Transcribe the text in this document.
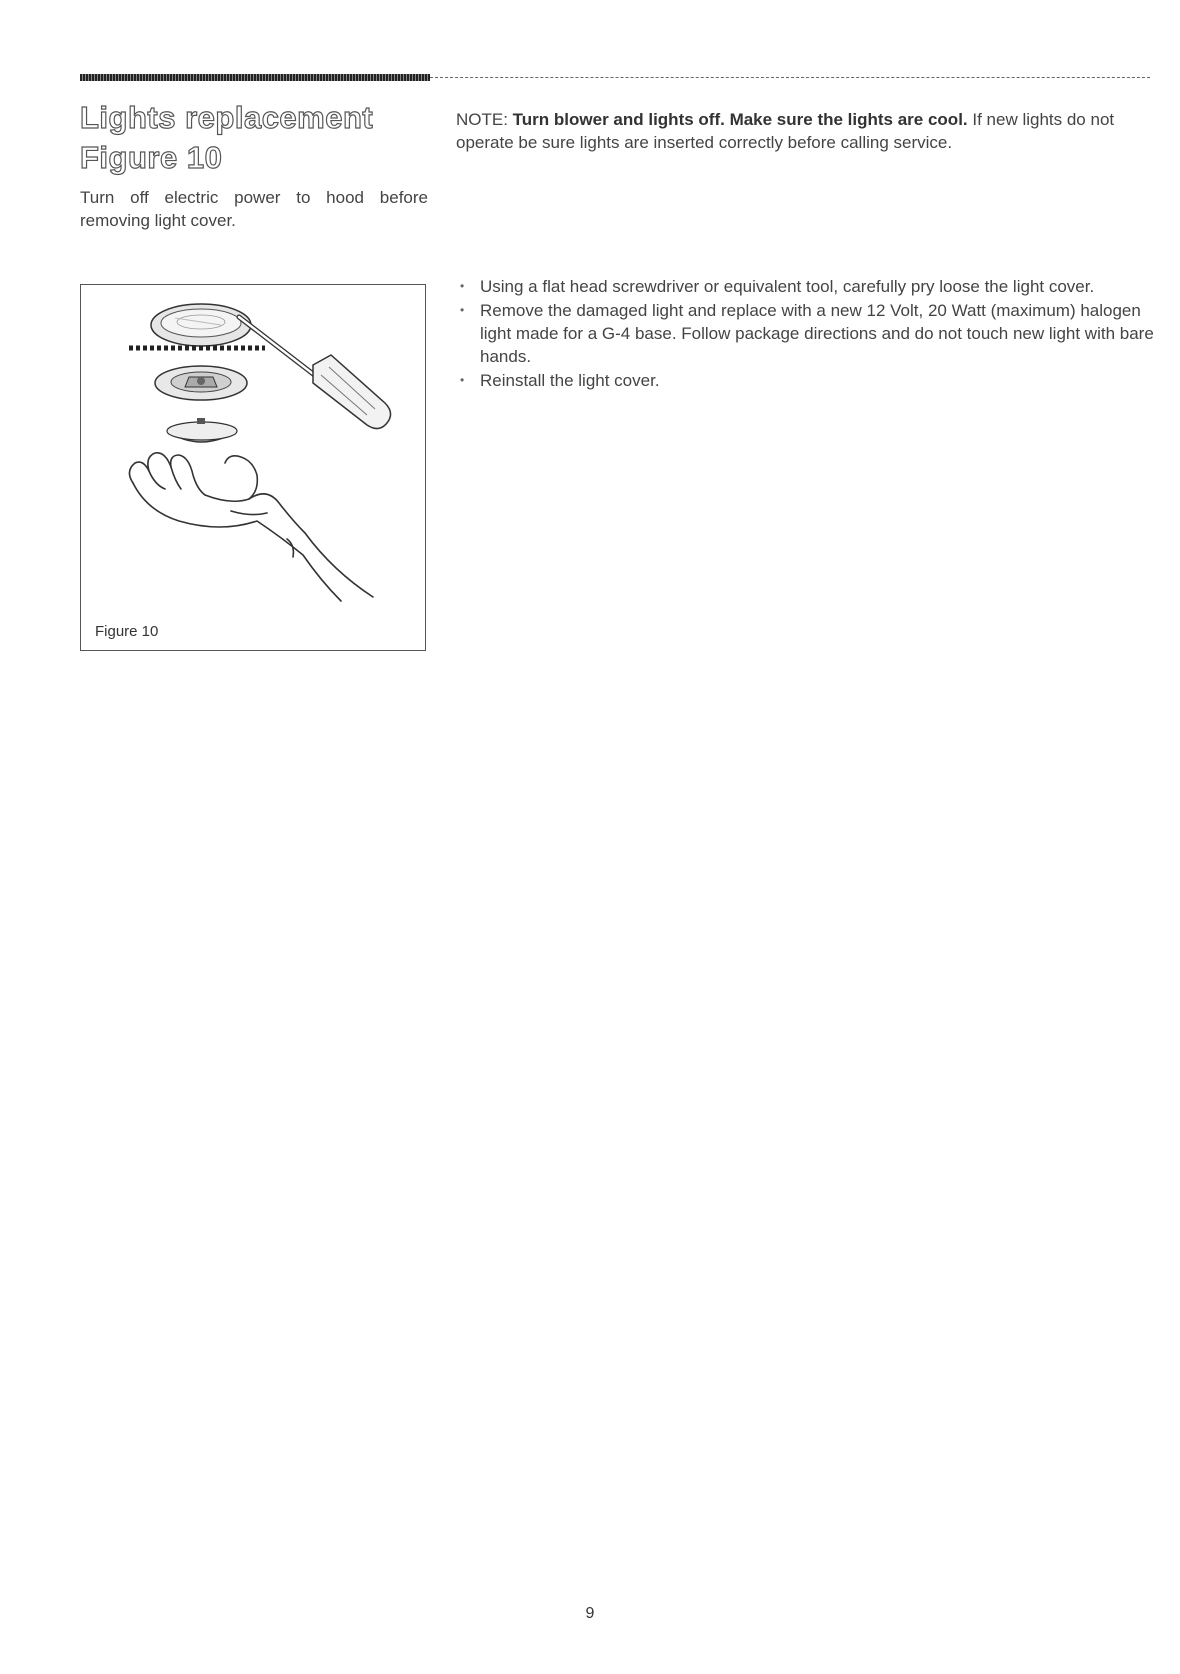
Lights replacement
Figure 10

Turn off electric power to hood before removing light cover.

NOTE: Turn blower and lights off. Make sure the lights are cool. If new lights do not operate be sure lights are inserted correctly before calling service.

• Using a flat head screwdriver or equivalent tool, carefully pry loose the light cover.
• Remove the damaged light and replace with a new 12 Volt, 20 Watt (maximum) halogen light made for a G-4 base. Follow package directions and do not touch new light with bare hands.
• Reinstall the light cover.
Figure 10
9
